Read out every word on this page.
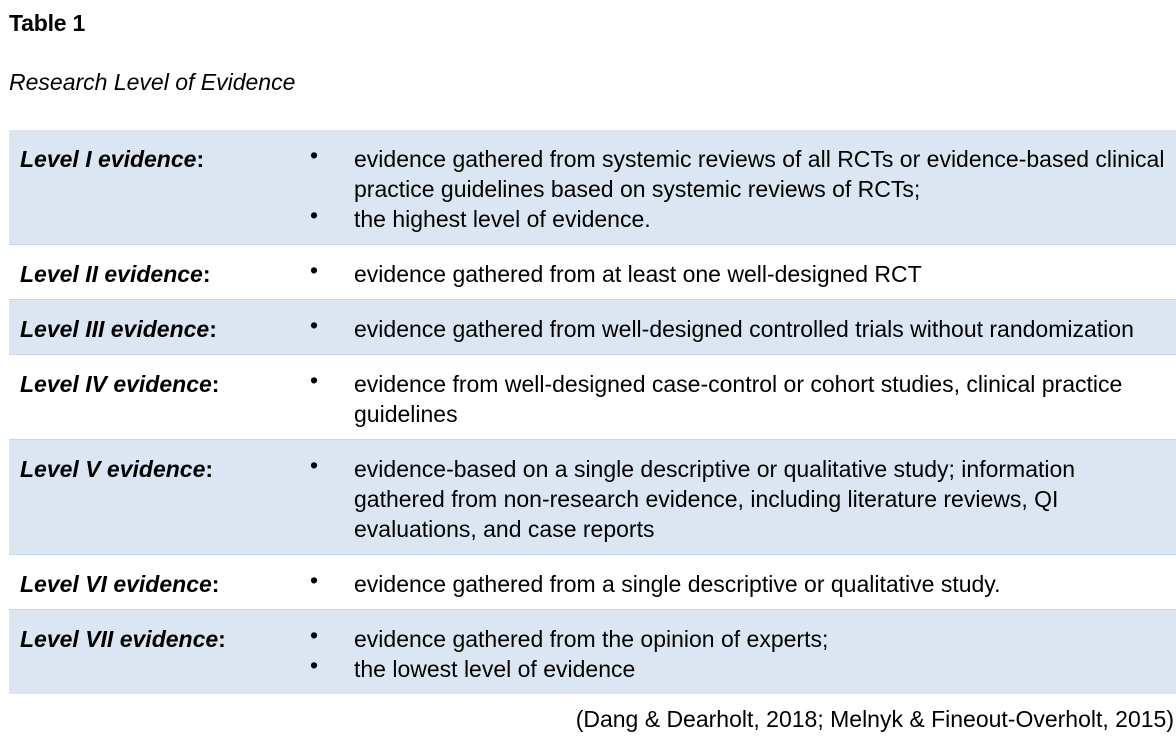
Table 1
Research Level of Evidence
Level I evidence:	• evidence gathered from systemic reviews of all RCTs or evidence-based clinical practice guidelines based on systemic reviews of RCTs;
• the highest level of evidence.
Level II evidence:	• evidence gathered from at least one well-designed RCT
Level III evidence:	• evidence gathered from well-designed controlled trials without randomization
Level IV evidence:	• evidence from well-designed case-control or cohort studies, clinical practice guidelines
Level V evidence:	• evidence-based on a single descriptive or qualitative study; information gathered from non-research evidence, including literature reviews, QI evaluations, and case reports
Level VI evidence:	• evidence gathered from a single descriptive or qualitative study.
Level VII evidence:	• evidence gathered from the opinion of experts;
• the lowest level of evidence
(Dang & Dearholt, 2018; Melnyk & Fineout-Overholt, 2015)
